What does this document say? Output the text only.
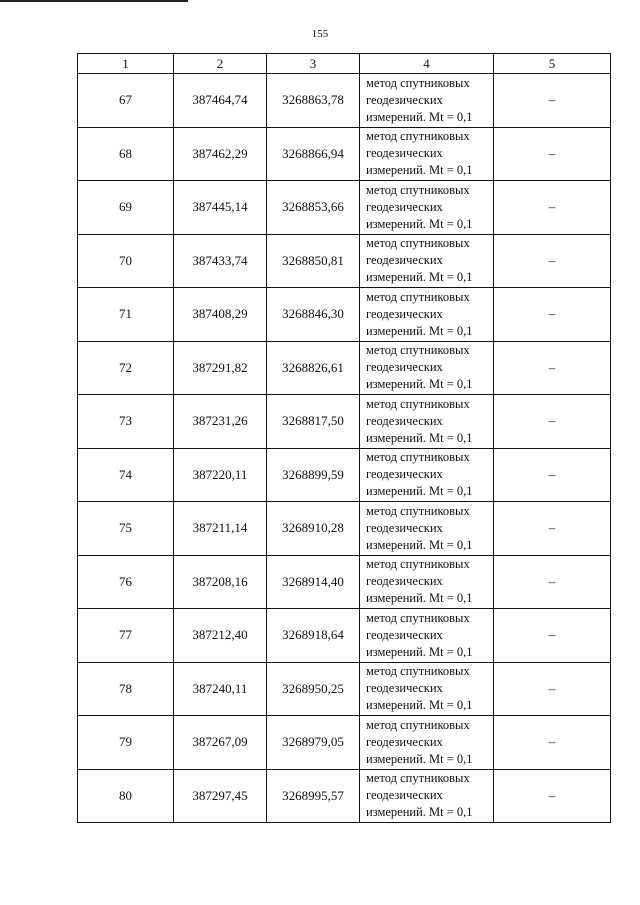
155
1	2	3	4	5
67	387464,74	3268863,78	метод спутниковых
геодезических
измерений. Mt = 0,1	–
68	387462,29	3268866,94	метод спутниковых
геодезических
измерений. Mt = 0,1	–
69	387445,14	3268853,66	метод спутниковых
геодезических
измерений. Mt = 0,1	–
70	387433,74	3268850,81	метод спутниковых
геодезических
измерений. Mt = 0,1	–
71	387408,29	3268846,30	метод спутниковых
геодезических
измерений. Mt = 0,1	–
72	387291,82	3268826,61	метод спутниковых
геодезических
измерений. Mt = 0,1	–
73	387231,26	3268817,50	метод спутниковых
геодезических
измерений. Mt = 0,1	–
74	387220,11	3268899,59	метод спутниковых
геодезических
измерений. Mt = 0,1	–
75	387211,14	3268910,28	метод спутниковых
геодезических
измерений. Mt = 0,1	–
76	387208,16	3268914,40	метод спутниковых
геодезических
измерений. Mt = 0,1	–
77	387212,40	3268918,64	метод спутниковых
геодезических
измерений. Mt = 0,1	–
78	387240,11	3268950,25	метод спутниковых
геодезических
измерений. Mt = 0,1	–
79	387267,09	3268979,05	метод спутниковых
геодезических
измерений. Mt = 0,1	–
80	387297,45	3268995,57	метод спутниковых
геодезических
измерений. Mt = 0,1	–
